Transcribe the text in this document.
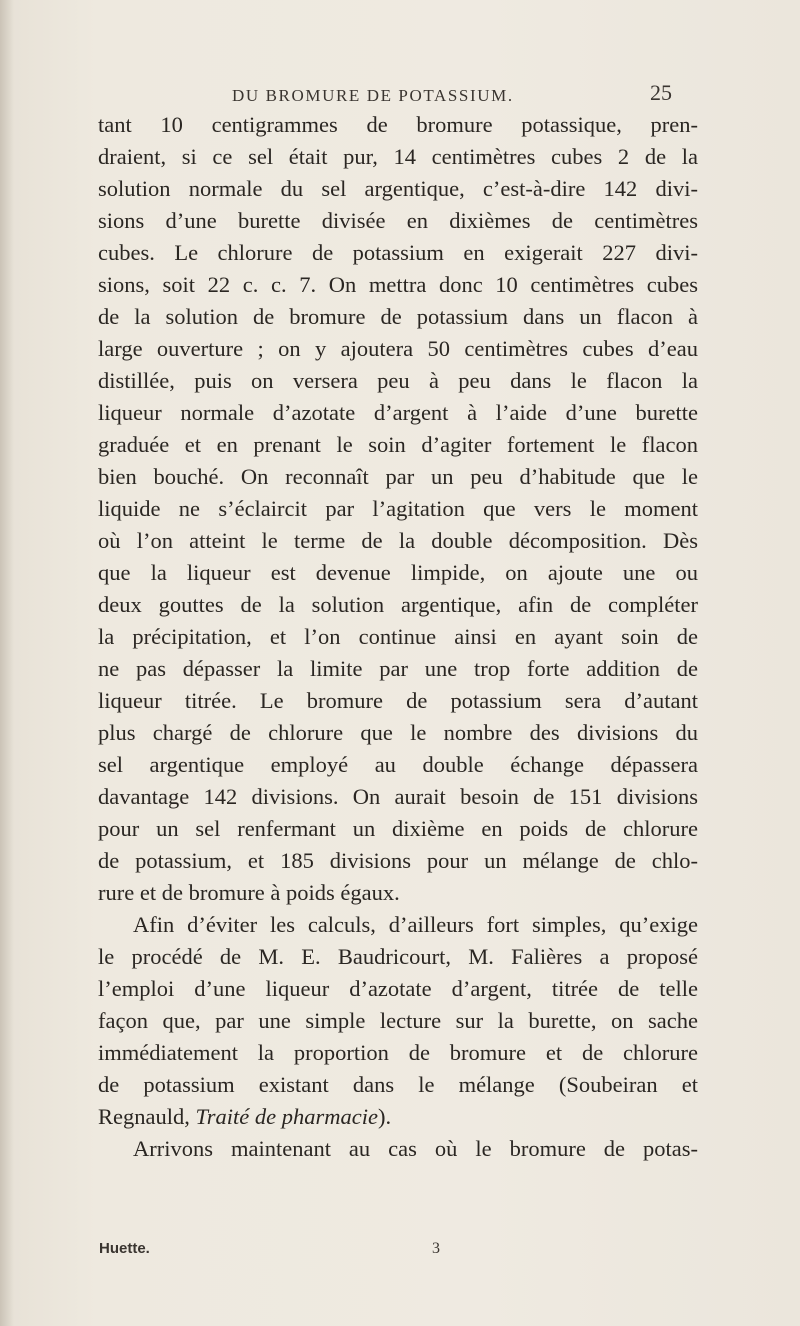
DU BROMURE DE POTASSIUM.	25
tant 10 centigrammes de bromure potassique, pren-
draient, si ce sel était pur, 14 centimètres cubes 2 de la
solution normale du sel argentique, c’est-à-dire 142 divi-
sions d’une burette divisée en dixièmes de centimètres
cubes. Le chlorure de potassium en exigerait 227 divi-
sions, soit 22 c. c. 7. On mettra donc 10 centimètres cubes
de la solution de bromure de potassium dans un flacon à
large ouverture ; on y ajoutera 50 centimètres cubes d’eau
distillée, puis on versera peu à peu dans le flacon la
liqueur normale d’azotate d’argent à l’aide d’une burette
graduée et en prenant le soin d’agiter fortement le flacon
bien bouché. On reconnaît par un peu d’habitude que le
liquide ne s’éclaircit par l’agitation que vers le moment
où l’on atteint le terme de la double décomposition. Dès
que la liqueur est devenue limpide, on ajoute une ou
deux gouttes de la solution argentique, afin de compléter
la précipitation, et l’on continue ainsi en ayant soin de
ne pas dépasser la limite par une trop forte addition de
liqueur titrée. Le bromure de potassium sera d’autant
plus chargé de chlorure que le nombre des divisions du
sel argentique employé au double échange dépassera
davantage 142 divisions. On aurait besoin de 151 divisions
pour un sel renfermant un dixième en poids de chlorure
de potassium, et 185 divisions pour un mélange de chlo-
rure et de bromure à poids égaux.
Afin d’éviter les calculs, d’ailleurs fort simples, qu’exige
le procédé de M. E. Baudricourt, M. Falières a proposé
l’emploi d’une liqueur d’azotate d’argent, titrée de telle
façon que, par une simple lecture sur la burette, on sache
immédiatement la proportion de bromure et de chlorure
de potassium existant dans le mélange (Soubeiran et
Regnauld, Traité de pharmacie).
Arrivons maintenant au cas où le bromure de potas-
Huette.	3
